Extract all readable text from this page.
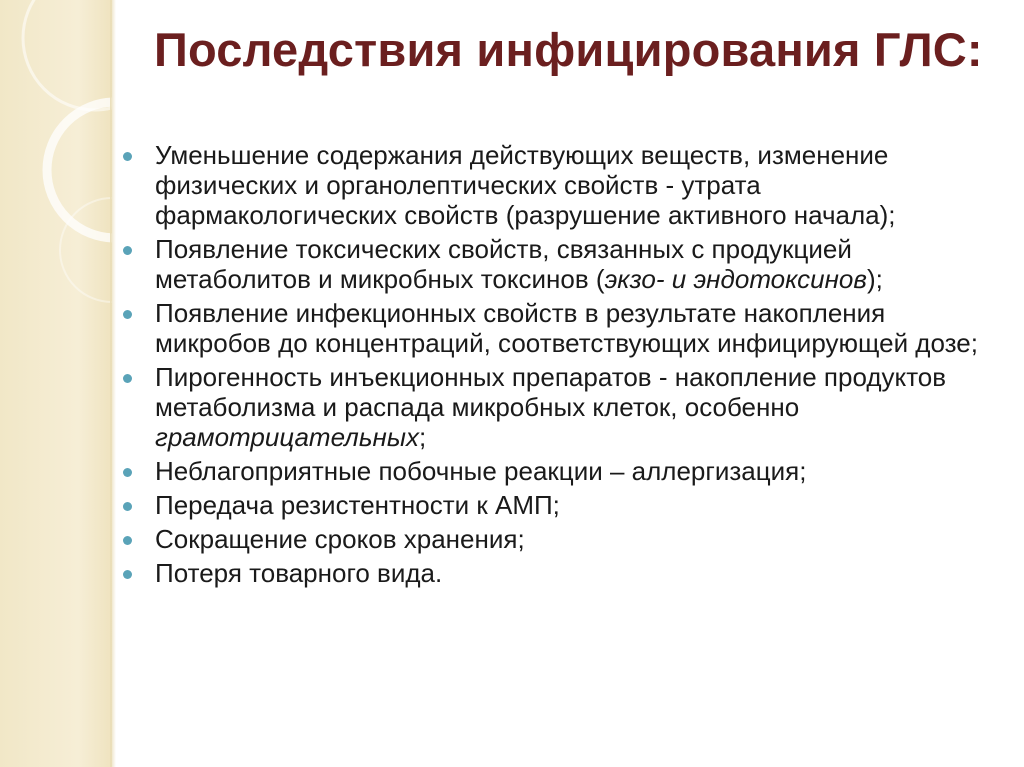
Последствия инфицирования ГЛС:
Уменьшение содержания действующих веществ, изменение физических и органолептических свойств - утрата фармакологических свойств (разрушение активного начала);
Появление токсических свойств, связанных с продукцией метаболитов и микробных токсинов (экзо- и эндотоксинов);
Появление инфекционных свойств в результате накопления микробов до концентраций, соответствующих инфицирующей дозе;
Пирогенность инъекционных препаратов - накопление продуктов метаболизма и распада микробных клеток, особенно грамотрицательных;
Неблагоприятные побочные реакции – аллергизация;
Передача резистентности к АМП;
Сокращение сроков хранения;
Потеря товарного вида.
